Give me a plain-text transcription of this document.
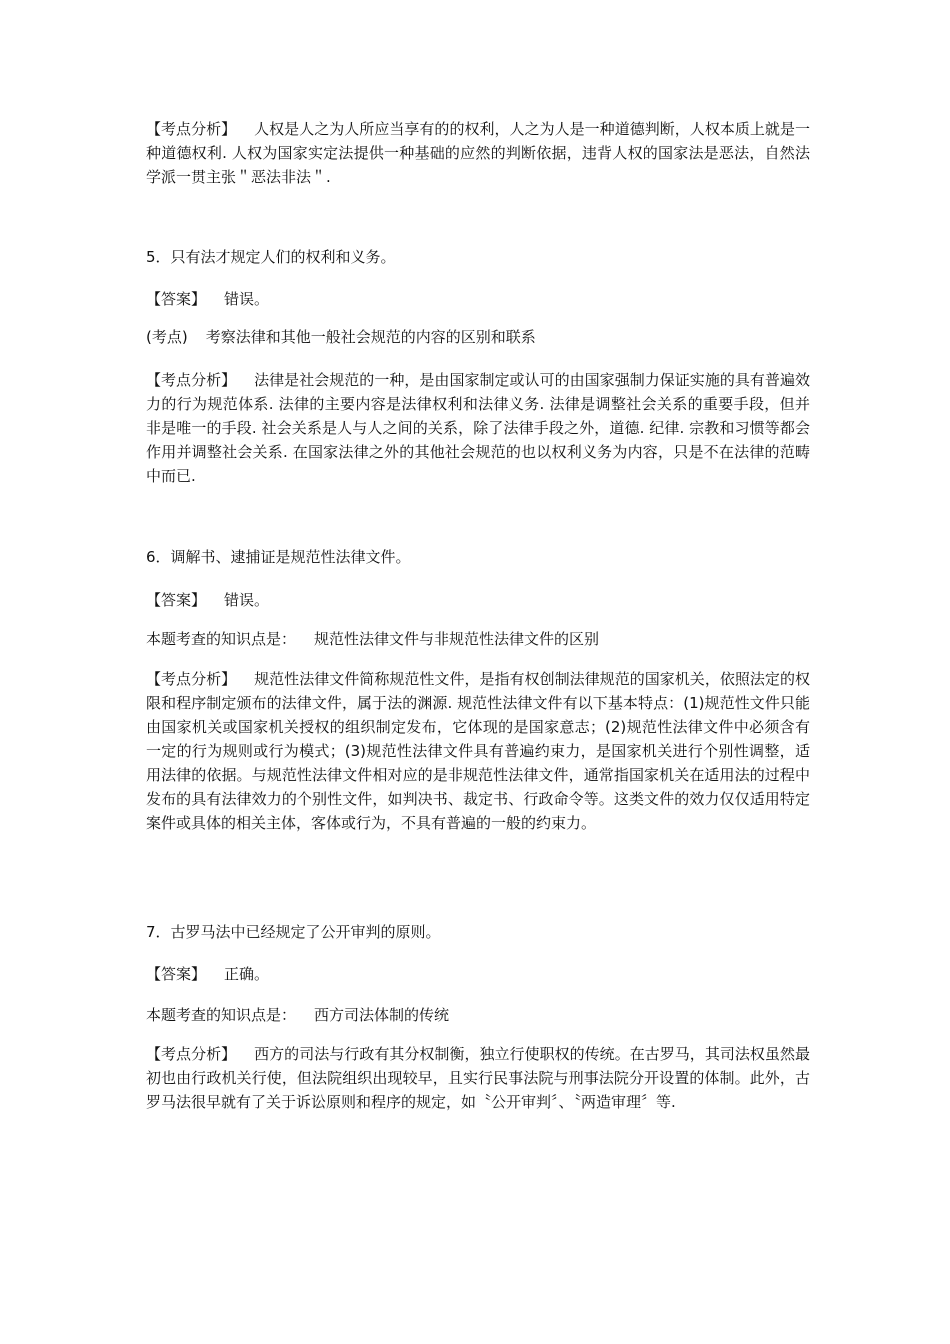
【考点分析】 人权是人之为人所应当享有的的权利，人之为人是一种道德判断，人权本质上就是一种道德权利. 人权为国家实定法提供一种基础的应然的判断依据，违背人权的国家法是恶法，自然法学派一贯主张＂恶法非法＂.

5．只有法才规定人们的权利和义务。

【答案】 错误。

(考点) 考察法律和其他一般社会规范的内容的区别和联系

【考点分析】 法律是社会规范的一种，是由国家制定或认可的由国家强制力保证实施的具有普遍效力的行为规范体系. 法律的主要内容是法律权利和法律义务. 法律是调整社会关系的重要手段，但并非是唯一的手段. 社会关系是人与人之间的关系，除了法律手段之外，道德. 纪律. 宗教和习惯等都会作用并调整社会关系. 在国家法律之外的其他社会规范的也以权利义务为内容，只是不在法律的范畴中而已.

6．调解书、逮捕证是规范性法律文件。

【答案】 错误。

本题考查的知识点是： 规范性法律文件与非规范性法律文件的区别

【考点分析】 规范性法律文件简称规范性文件，是指有权创制法律规范的国家机关，依照法定的权限和程序制定颁布的法律文件，属于法的渊源. 规范性法律文件有以下基本特点：(1)规范性文件只能由国家机关或国家机关授权的组织制定发布，它体现的是国家意志；(2)规范性法律文件中必须含有一定的行为规则或行为模式；(3)规范性法律文件具有普遍约束力，是国家机关进行个别性调整，适用法律的依据。与规范性法律文件相对应的是非规范性法律文件，通常指国家机关在适用法的过程中发布的具有法律效力的个别性文件，如判决书、裁定书、行政命令等。这类文件的效力仅仅适用特定案件或具体的相关主体，客体或行为，不具有普遍的一般的约束力。

7．古罗马法中已经规定了公开审判的原则。

【答案】 正确。

本题考查的知识点是： 西方司法体制的传统

【考点分析】 西方的司法与行政有其分权制衡，独立行使职权的传统。在古罗马，其司法权虽然最初也由行政机关行使，但法院组织出现较早，且实行民事法院与刑事法院分开设置的体制。此外，古罗马法很早就有了关于诉讼原则和程序的规定，如〝公开审判〞、〝两造审理〞等.
